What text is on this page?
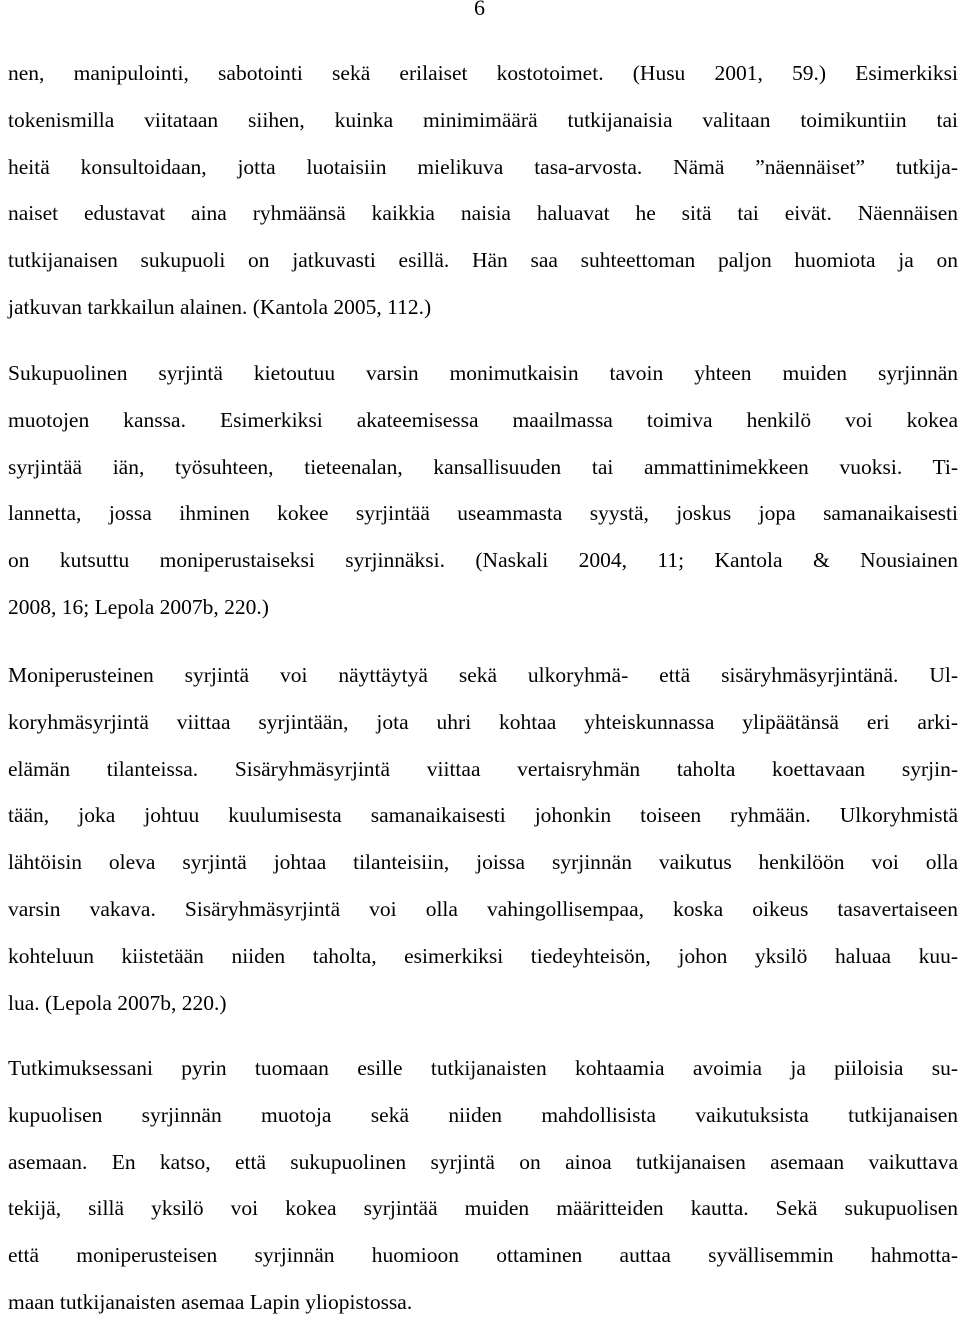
6
nen, manipulointi, sabotointi sekä erilaiset kostotoimet. (Husu 2001, 59.) Esimerkiksi
tokenismilla viitataan siihen, kuinka minimimäärä tutkijanaisia valitaan toimikuntiin tai
heitä konsultoidaan, jotta luotaisiin mielikuva tasa-arvosta. Nämä ”näennäiset” tutkija-
naiset edustavat aina ryhmäänsä kaikkia naisia haluavat he sitä tai eivät. Näennäisen
tutkijanaisen sukupuoli on jatkuvasti esillä. Hän saa suhteettoman paljon huomiota ja on
jatkuvan tarkkailun alainen. (Kantola 2005, 112.)
Sukupuolinen syrjintä kietoutuu varsin monimutkaisin tavoin yhteen muiden syrjinnän
muotojen kanssa. Esimerkiksi akateemisessa maailmassa toimiva henkilö voi kokea
syrjintää iän, työsuhteen, tieteenalan, kansallisuuden tai ammattinimekkeen vuoksi. Ti-
lannetta, jossa ihminen kokee syrjintää useammasta syystä, joskus jopa samanaikaisesti
on kutsuttu moniperustaiseksi syrjinnäksi. (Naskali 2004, 11; Kantola & Nousiainen
2008, 16; Lepola 2007b, 220.)
Moniperusteinen syrjintä voi näyttäytyä sekä ulkoryhmä- että sisäryhmäsyrjintänä. Ul-
koryhmäsyrjintä viittaa syrjintään, jota uhri kohtaa yhteiskunnassa ylipäätänsä eri arki-
elämän tilanteissa. Sisäryhmäsyrjintä viittaa vertaisryhmän taholta koettavaan syrjin-
tään, joka johtuu kuulumisesta samanaikaisesti johonkin toiseen ryhmään. Ulkoryhmistä
lähtöisin oleva syrjintä johtaa tilanteisiin, joissa syrjinnän vaikutus henkilöön voi olla
varsin vakava. Sisäryhmäsyrjintä voi olla vahingollisempaa, koska oikeus tasavertaiseen
kohteluun kiistetään niiden taholta, esimerkiksi tiedeyhteisön, johon yksilö haluaa kuu-
lua. (Lepola 2007b, 220.)
Tutkimuksessani pyrin tuomaan esille tutkijanaisten kohtaamia avoimia ja piiloisia su-
kupuolisen syrjinnän muotoja sekä niiden mahdollisista vaikutuksista tutkijanaisen
asemaan. En katso, että sukupuolinen syrjintä on ainoa tutkijanaisen asemaan vaikuttava
tekijä, sillä yksilö voi kokea syrjintää muiden määritteiden kautta. Sekä sukupuolisen
että moniperusteisen syrjinnän huomioon ottaminen auttaa syvällisemmin hahmotta-
maan tutkijanaisten asemaa Lapin yliopistossa.
